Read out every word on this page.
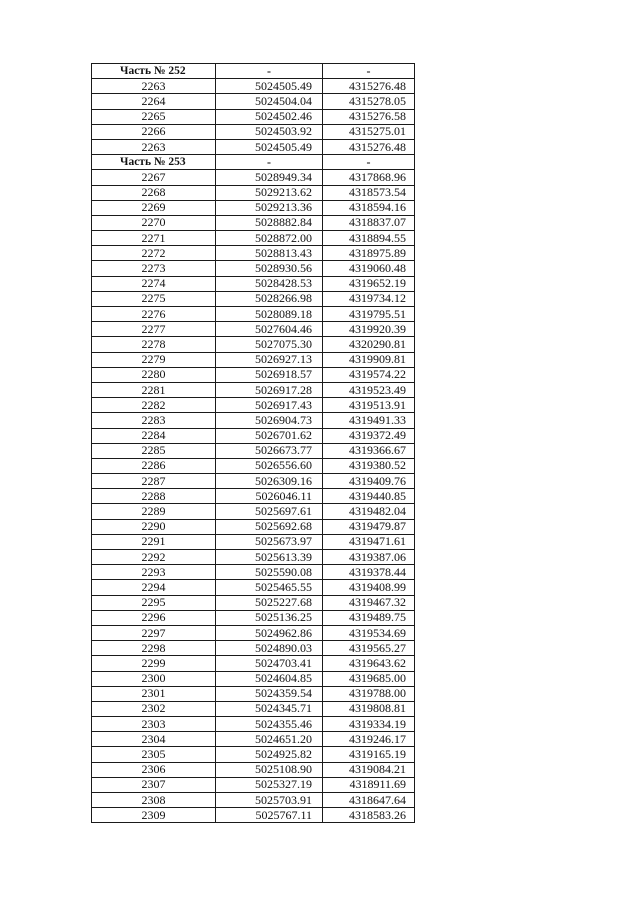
Часть № 252	-	-
2263	5024505.49	4315276.48
2264	5024504.04	4315278.05
2265	5024502.46	4315276.58
2266	5024503.92	4315275.01
2263	5024505.49	4315276.48
Часть № 253	-	-
2267	5028949.34	4317868.96
2268	5029213.62	4318573.54
2269	5029213.36	4318594.16
2270	5028882.84	4318837.07
2271	5028872.00	4318894.55
2272	5028813.43	4318975.89
2273	5028930.56	4319060.48
2274	5028428.53	4319652.19
2275	5028266.98	4319734.12
2276	5028089.18	4319795.51
2277	5027604.46	4319920.39
2278	5027075.30	4320290.81
2279	5026927.13	4319909.81
2280	5026918.57	4319574.22
2281	5026917.28	4319523.49
2282	5026917.43	4319513.91
2283	5026904.73	4319491.33
2284	5026701.62	4319372.49
2285	5026673.77	4319366.67
2286	5026556.60	4319380.52
2287	5026309.16	4319409.76
2288	5026046.11	4319440.85
2289	5025697.61	4319482.04
2290	5025692.68	4319479.87
2291	5025673.97	4319471.61
2292	5025613.39	4319387.06
2293	5025590.08	4319378.44
2294	5025465.55	4319408.99
2295	5025227.68	4319467.32
2296	5025136.25	4319489.75
2297	5024962.86	4319534.69
2298	5024890.03	4319565.27
2299	5024703.41	4319643.62
2300	5024604.85	4319685.00
2301	5024359.54	4319788.00
2302	5024345.71	4319808.81
2303	5024355.46	4319334.19
2304	5024651.20	4319246.17
2305	5024925.82	4319165.19
2306	5025108.90	4319084.21
2307	5025327.19	4318911.69
2308	5025703.91	4318647.64
2309	5025767.11	4318583.26
